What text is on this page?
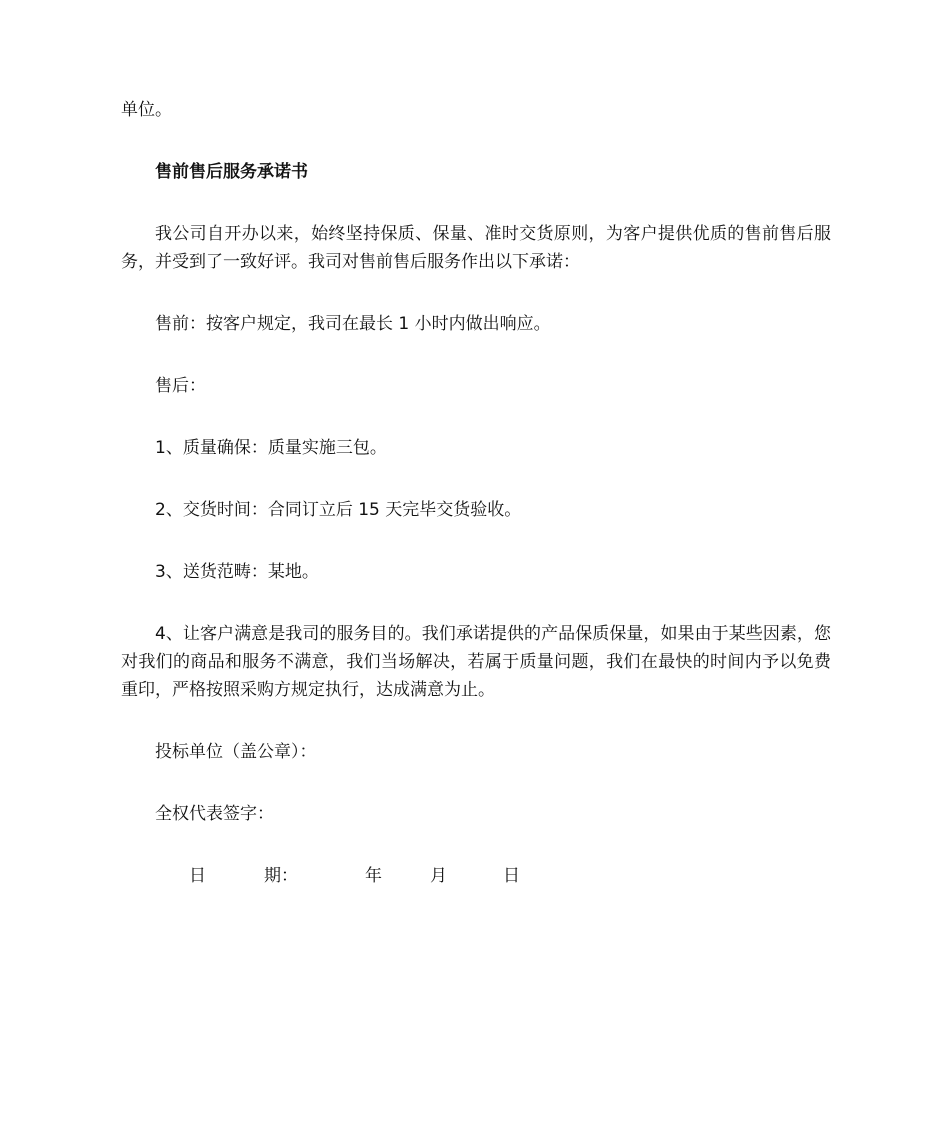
单位。

售前售后服务承诺书

我公司自开办以来，始终坚持保质、保量、准时交货原则，为客户提供优质的售前售后服务，并受到了一致好评。我司对售前售后服务作出以下承诺：

售前：按客户规定，我司在最长 1 小时内做出响应。

售后：

1、质量确保：质量实施三包。

2、交货时间：合同订立后 15 天完毕交货验收。

3、送货范畴：某地。

4、让客户满意是我司的服务目的。我们承诺提供的产品保质保量，如果由于某些因素，您对我们的商品和服务不满意，我们当场解决，若属于质量问题，我们在最快的时间内予以免费重印，严格按照采购方规定执行，达成满意为止。

投标单位（盖公章）：

全权代表签字：

日	期：	年	月	日
